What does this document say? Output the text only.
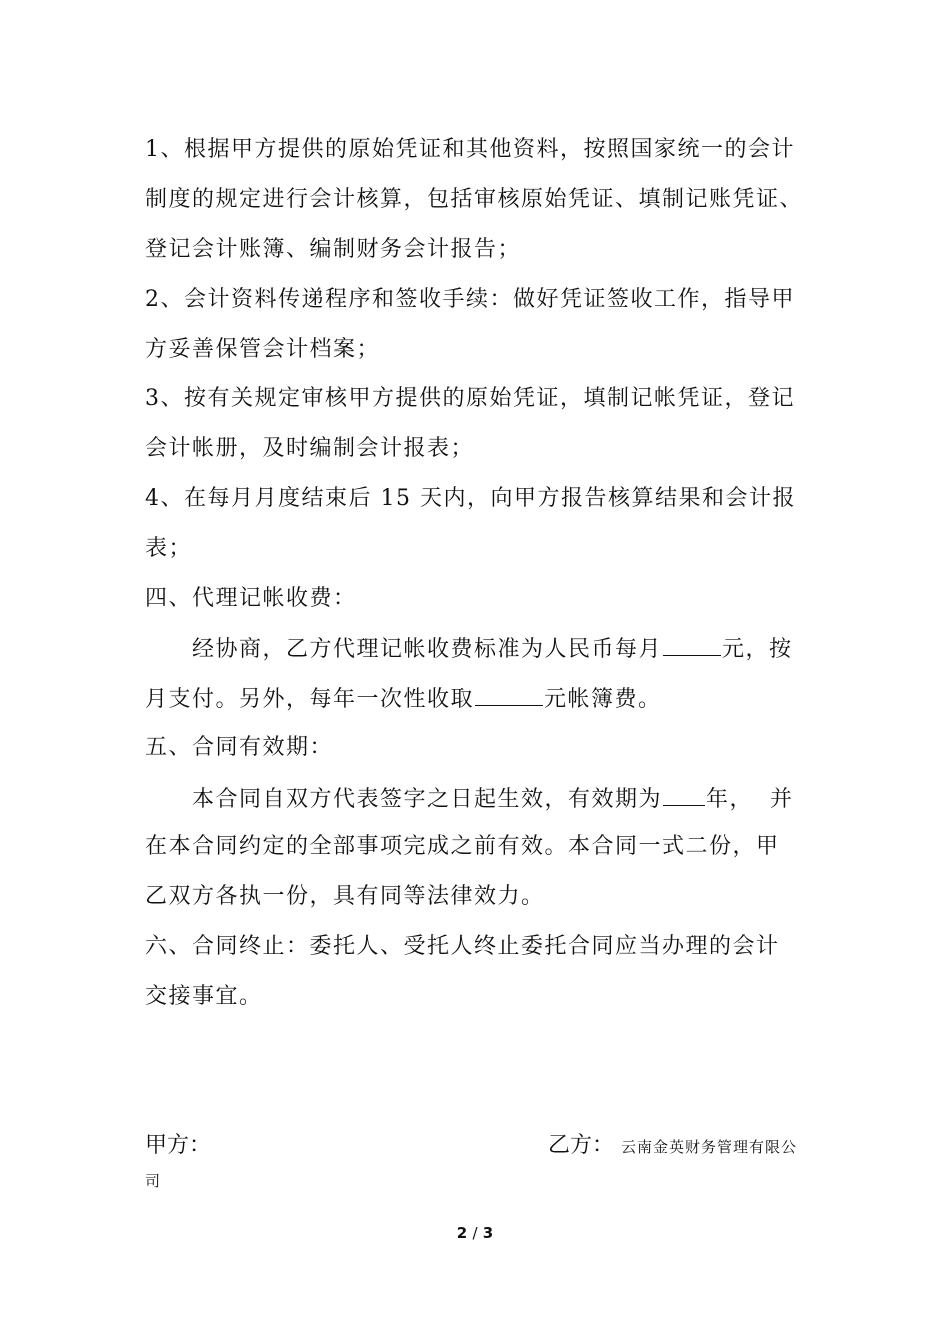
1、根据甲方提供的原始凭证和其他资料，按照国家统一的会计
制度的规定进行会计核算，包括审核原始凭证、填制记账凭证、
登记会计账簿、编制财务会计报告；
2、会计资料传递程序和签收手续：做好凭证签收工作，指导甲
方妥善保管会计档案；
3、按有关规定审核甲方提供的原始凭证，填制记帐凭证，登记
会计帐册，及时编制会计报表；
4、在每月月度结束后 15 天内，向甲方报告核算结果和会计报
表；
四、代理记帐收费：
经协商，乙方代理记帐收费标准为人民币每月	元，按
月支付。另外，每年一次性收取	元帐簿费。
五、合同有效期：
本合同自双方代表签字之日起生效，有效期为 年，  并
在本合同约定的全部事项完成之前有效。本合同一式二份，甲
乙双方各执一份，具有同等法律效力。
六、合同终止：委托人、受托人终止委托合同应当办理的会计
交接事宜。
甲方：	乙方： 云南金英财务管理有限公
司
2 / 3
